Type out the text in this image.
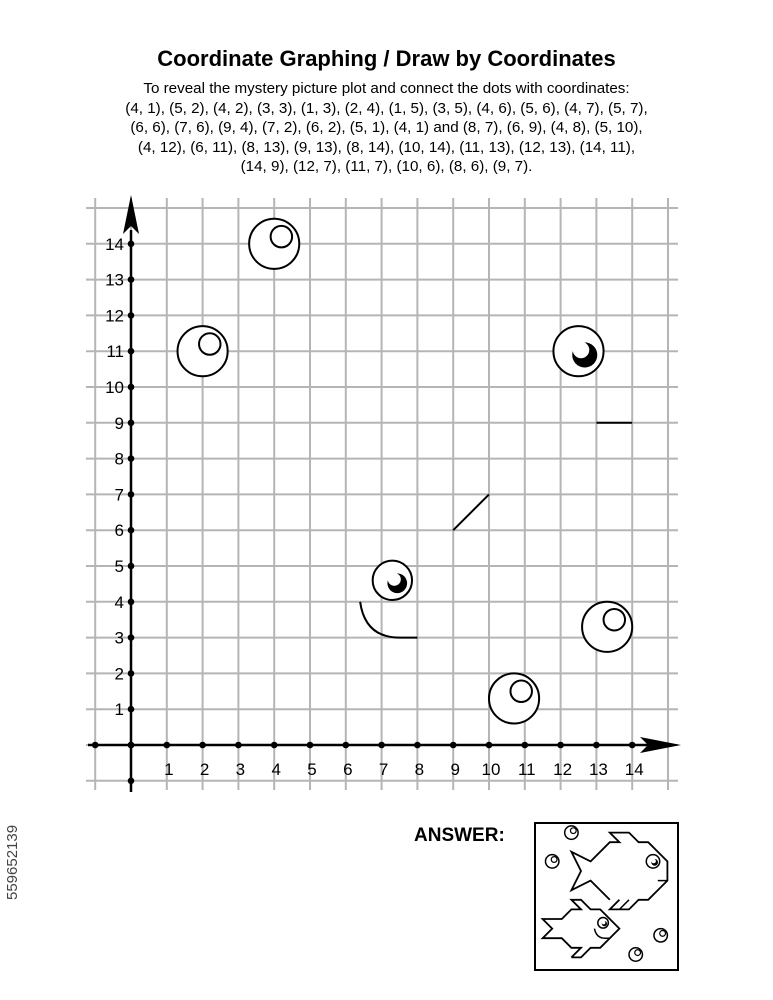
Coordinate Graphing / Draw by Coordinates
To reveal the mystery picture plot and connect the dots with coordinates:
(4, 1), (5, 2), (4, 2), (3, 3), (1, 3), (2, 4), (1, 5), (3, 5), (4, 6), (5, 6), (4, 7), (5, 7),
(6, 6), (7, 6), (9, 4), (7, 2), (6, 2), (5, 1), (4, 1) and (8, 7), (6, 9), (4, 8), (5, 10),
(4, 12), (6, 11), (8, 13), (9, 13), (8, 14), (10, 14), (11, 13), (12, 13), (14, 11),
(14, 9), (12, 7), (11, 7), (10, 6), (8, 6), (9, 7).
1 2 3 4 5 6 7 8 9 10 11 12 13 14
1
2
3
4
5
6
7
8
9
10
11
12
13
14
ANSWER:
559652139
